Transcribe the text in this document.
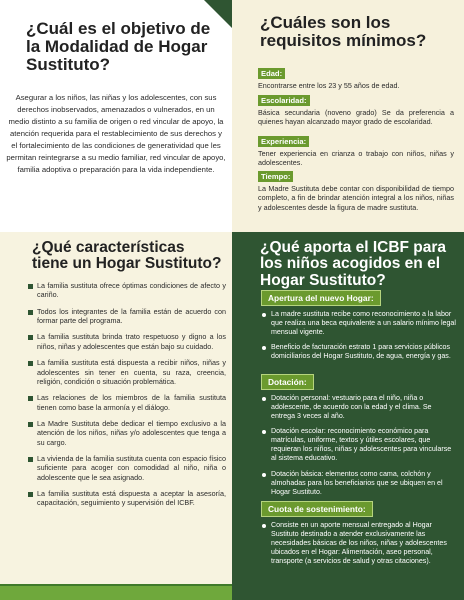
¿Cuál es el objetivo de la Modalidad de Hogar Sustituto?

Asegurar a los niños, las niñas y los adolescentes, con sus derechos inobservados, amenazados o vulnerados, en un medio distinto a su familia de origen o red vincular de apoyo, la atención requerida para el restablecimiento de sus derechos y el fortalecimiento de las condiciones de generatividad que les permitan reintegrarse a su medio familiar, red vincular de apoyo, familia adoptiva o preparación para la vida independiente.

¿Cuáles son los requisitos mínimos?
Edad:

Encontrarse entre los 23 y 55 años de edad.

Escolaridad:

Básica secundaria (noveno grado) Se da preferencia a quienes hayan alcanzado mayor grado de escolaridad.

Experiencia:

Tener experiencia en crianza o trabajo con niños, niñas y adolescentes.

Tiempo:

La Madre Sustituta debe contar con disponibilidad de tiempo completo, a fin de brindar atención integral a los niños, niñas y adolescentes desde la figura de madre sustituta.

¿Qué características tiene un Hogar Sustituto?
La familia sustituta ofrece óptimas condiciones de afecto y cariño.
Todos los integrantes de la familia están de acuerdo con formar parte del programa.
La familia sustituta brinda trato respetuoso y digno a los niños, niñas y adolescentes que están bajo su cuidado.
La familia sustituta está dispuesta a recibir niños, niñas y adolescentes sin tener en cuenta, su raza, creencia, religión, condición o situación problemática.
Las relaciones de los miembros de la familia sustituta tienen como base la armonía y el diálogo.
La Madre Sustituta debe dedicar el tiempo exclusivo a la atención de los niños, niñas y/o adolescentes que tenga a su cargo.
La vivienda de la familia sustituta cuenta con espacio físico suficiente para acoger con comodidad al niño, niña o adolescente que le sea asignado.
La familia sustituta está dispuesta a aceptar la asesoría, capacitación, seguimiento y supervisión del ICBF.
¿Qué aporta el ICBF para los niños acogidos en el Hogar Sustituto?
Apertura del nuevo Hogar:
La madre sustituta recibe como reconocimiento a la labor que realiza una beca equivalente a un salario mínimo legal mensual vigente.
Beneficio de facturación estrato 1 para servicios públicos domiciliarios del Hogar Sustituto, de agua, energía y gas.
Dotación:
Dotación personal: vestuario para el niño, niña o adolescente, de acuerdo con la edad y el clima. Se entrega 3 veces al año.
Dotación escolar: reconocimiento económico para matrículas, uniforme, textos y útiles escolares, que requieran los niños, niñas y adolescentes para vincularse al sistema educativo.
Dotación básica: elementos como cama, colchón y almohadas para los beneficiarios que se ubiquen en el Hogar Sustituto.
Cuota de sostenimiento:
Consiste en un aporte mensual entregado al Hogar Sustituto destinado a atender exclusivamente las necesidades básicas de los niños, niñas y adolescentes ubicados en el Hogar: Alimentación, aseo personal, transporte (a servicios de salud y otras citaciones).
